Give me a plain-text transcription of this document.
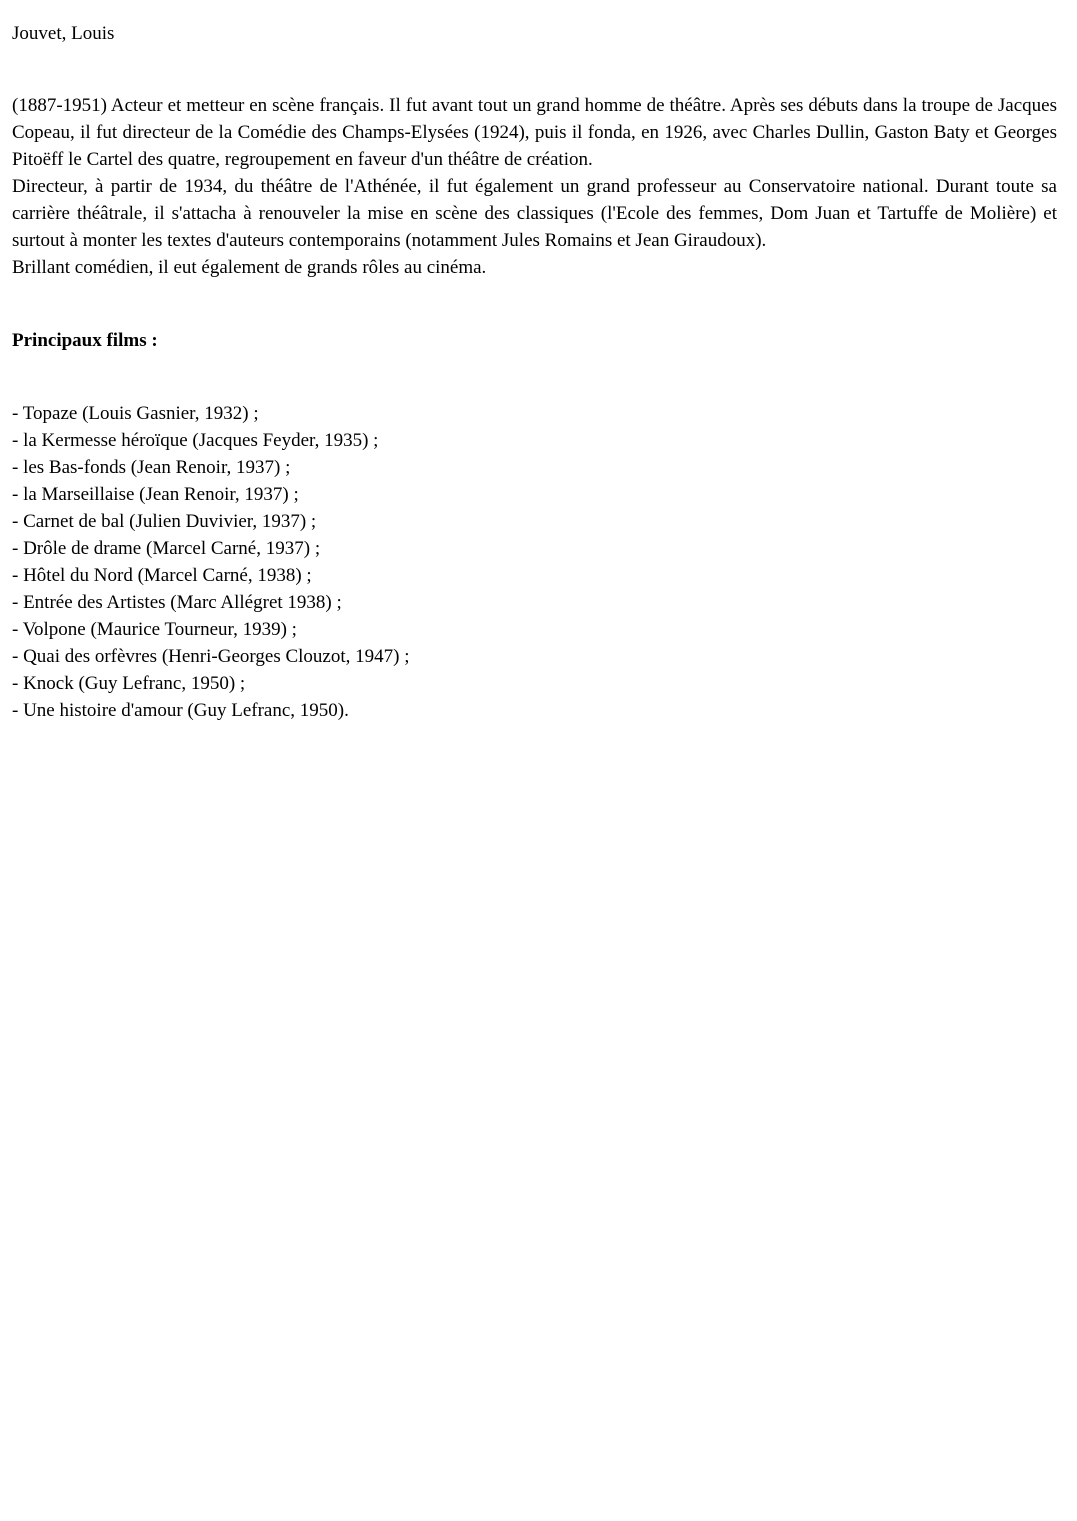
Jouvet, Louis

(1887-1951) Acteur et metteur en scène français. Il fut avant tout un grand homme de théâtre. Après ses débuts dans la troupe de Jacques Copeau, il fut directeur de la Comédie des Champs-Elysées (1924), puis il fonda, en 1926, avec Charles Dullin, Gaston Baty et Georges Pitoëff le Cartel des quatre, regroupement en faveur d'un théâtre de création.

Directeur, à partir de 1934, du théâtre de l'Athénée, il fut également un grand professeur au Conservatoire national. Durant toute sa carrière théâtrale, il s'attacha à renouveler la mise en scène des classiques (l'Ecole des femmes, Dom Juan et Tartuffe de Molière) et surtout à monter les textes d'auteurs contemporains (notamment Jules Romains et Jean Giraudoux).

Brillant comédien, il eut également de grands rôles au cinéma.

Principaux films :
- Topaze (Louis Gasnier, 1932) ;
- la Kermesse héroïque (Jacques Feyder, 1935) ;
- les Bas-fonds (Jean Renoir, 1937) ;
- la Marseillaise (Jean Renoir, 1937) ;
- Carnet de bal (Julien Duvivier, 1937) ;
- Drôle de drame (Marcel Carné, 1937) ;
- Hôtel du Nord (Marcel Carné, 1938) ;
- Entrée des Artistes (Marc Allégret 1938) ;
- Volpone (Maurice Tourneur, 1939) ;
- Quai des orfèvres (Henri-Georges Clouzot, 1947) ;
- Knock (Guy Lefranc, 1950) ;
- Une histoire d'amour (Guy Lefranc, 1950).
